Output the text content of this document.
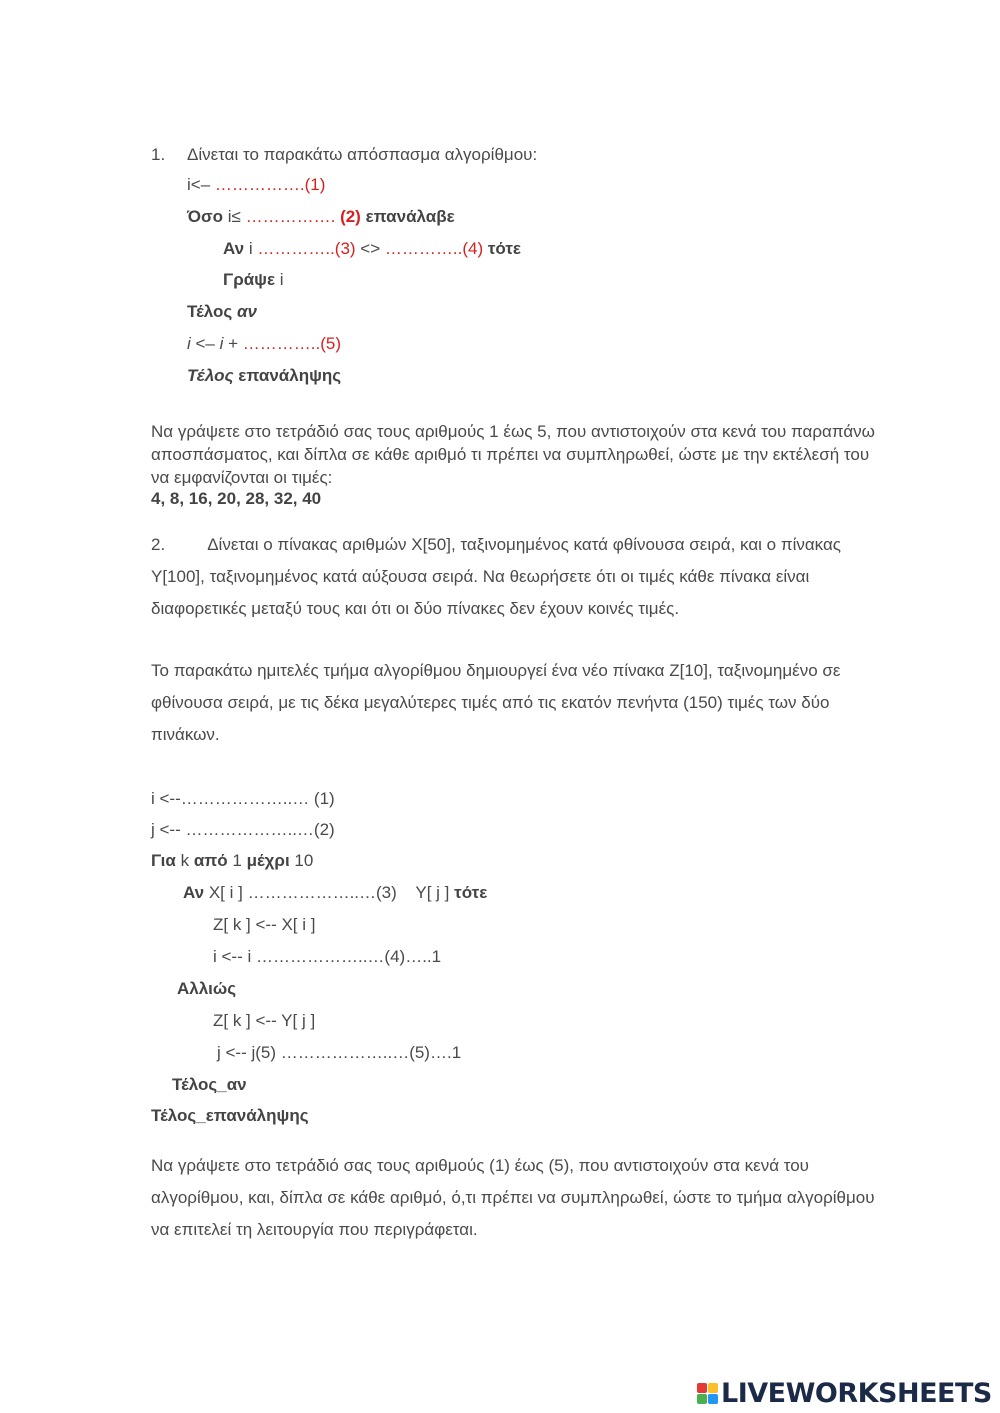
1. Δίνεται το παρακάτω απόσπασμα αλγορίθμου:
i<– …………….(1)
Όσο i≤ ……………. (2) επανάλαβε
Αν i …………..(3) <> …………..(4) τότε
Γράψε i
Τέλος αν
i <– i + …………..(5)
Τέλος επανάληψης
Να γράψετε στο τετράδιό σας τους αριθμούς 1 έως 5, που αντιστοιχούν στα κενά του παραπάνω αποσπάσματος, και δίπλα σε κάθε αριθμό τι πρέπει να συμπληρωθεί, ώστε με την εκτέλεσή του να εμφανίζονται οι τιμές:
4, 8, 16, 20, 28, 32, 40
2. Δίνεται ο πίνακας αριθμών X[50], ταξινομημένος κατά φθίνουσα σειρά, και ο πίνακας Y[100], ταξινομημένος κατά αύξουσα σειρά. Να θεωρήσετε ότι οι τιμές κάθε πίνακα είναι διαφορετικές μεταξύ τους και ότι οι δύο πίνακες δεν έχουν κοινές τιμές.
Το παρακάτω ημιτελές τμήμα αλγορίθμου δημιουργεί ένα νέο πίνακα Z[10], ταξινομημένο σε φθίνουσα σειρά, με τις δέκα μεγαλύτερες τιμές από τις εκατόν πενήντα (150) τιμές των δύο πινάκων.
i <--………………..… (1)
j <-- ………………..…(2)
Για k από 1 μέχρι 10
Αν X[ i ] ………………..…(3)    Y[ j ] τότε
Z[ k ] <-- X[ i ]
i <-- i ………………..…(4)…..1
Αλλιώς
Z[ k ] <-- Y[ j ]
j <-- j(5) ………………..…(5)….1
Τέλος_αν
Τέλος_επανάληψης
Να γράψετε στο τετράδιό σας τους αριθμούς (1) έως (5), που αντιστοιχούν στα κενά του αλγορίθμου, και, δίπλα σε κάθε αριθμό, ό,τι πρέπει να συμπληρωθεί, ώστε το τμήμα αλγορίθμου να επιτελεί τη λειτουργία που περιγράφεται.
LIVEWORKSHEETS
